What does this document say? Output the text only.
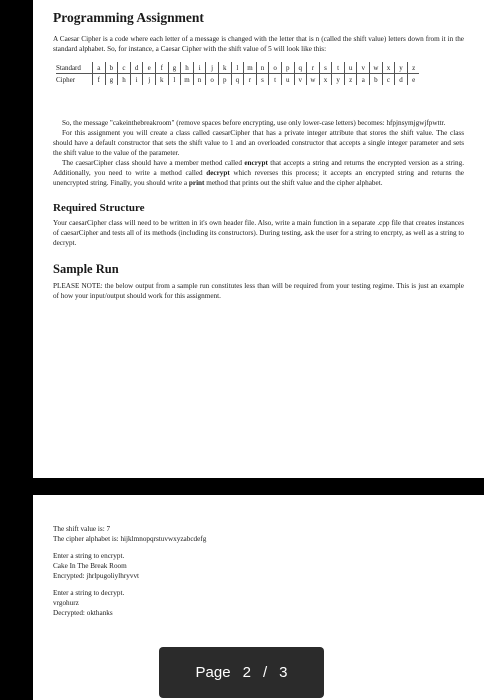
Programming Assignment

A Caesar Cipher is a code where each letter of a message is changed with the letter that is n (called the shift value) letters down from it in the standard alphabet. So, for instance, a Caesar Cipher with the shift value of 5 will look like this:

Standard	a	b	c	d	e	f	g	h	i	j	k	l	m	n	o	p	q	r	s	t	u	v	w	x	y	z
Cipher	f	g	h	i	j	k	l	m	n	o	p	q	r	s	t	u	v	w	x	y	z	a	b	c	d	e

So, the message "cakeinthebreakroom" (remove spaces before encrypting, use only lower-case letters) becomes: hfpjnsymjgwjfpwttr.

For this assignment you will create a class called caesarCipher that has a private integer attribute that stores the shift value. The class should have a default constructor that sets the shift value to 1 and an overloaded constructor that accepts a single integer parameter and sets the shift value to the value of the parameter.

The caesarCipher class should have a member method called encrypt that accepts a string and returns the encrypted version as a string. Additionally, you need to write a method called decrypt which reverses this process; it accepts an encrypted string and returns the unencrypted string. Finally, you should write a print method that prints out the shift value and the cipher alphabet.

Required Structure

Your caesarCipher class will need to be written in it's own header file. Also, write a main function in a separate .cpp file that creates instances of caesarCipher and tests all of its methods (including its constructors). During testing, ask the user for a string to encrpty, as well as a string to decrypt.

Sample Run

PLEASE NOTE: the below output from a sample run constitutes less than will be required from your testing regime. This is just an example of how your input/output should work for this assignment.

The shift value is: 7
The cipher alphabet is: hijklmnopqrstuvwxyzabcdefg
Enter a string to encrypt.
Cake In The Break Room
Encrypted: jhrlpugoliylhryvvt
Enter a string to decrypt.
vrgohurz
Decrypted: okthanks
Page 2 / 3
